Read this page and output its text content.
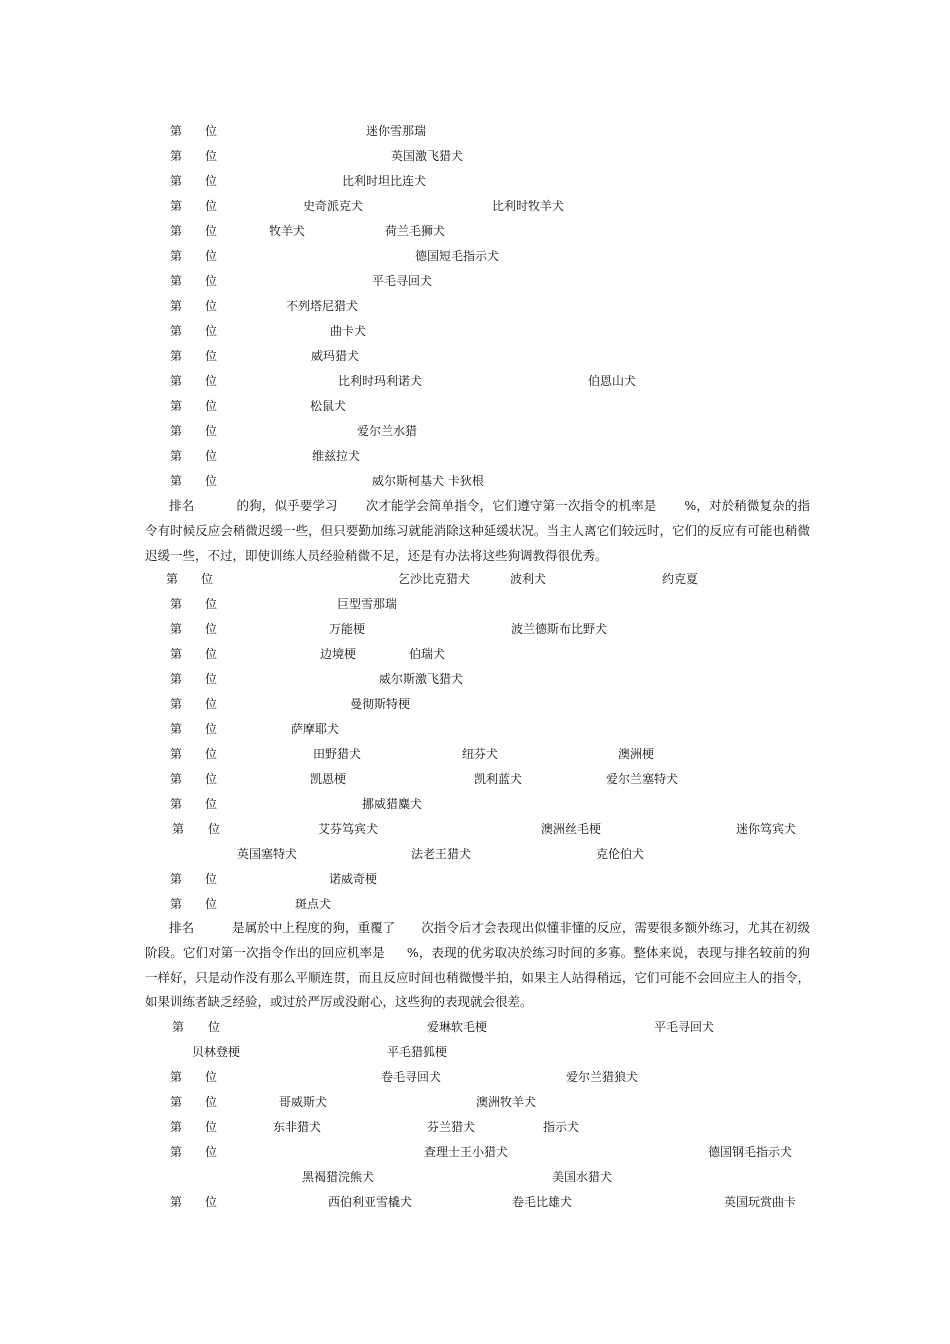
第 位	迷你雪那瑞
第 位	英国激飞猎犬
第 位	比利时坦比连犬
第 位	史奇派克犬	比利时牧羊犬
第 位	牧羊犬	荷兰毛狮犬
第 位	德国短毛指示犬
第 位	平毛寻回犬
第 位	不列塔尼猎犬
第 位	曲卡犬
第 位	威玛猎犬
第 位	比利时玛利诺犬	伯恩山犬
第 位	松鼠犬
第 位	爱尔兰水猎
第 位	维兹拉犬
第 位	威尔斯柯基犬 卡狄根

排名	的狗，似乎要学习 次才能学会简单指令，它们遵守第一次指令的机率是 %，对於稍微复杂的指令有时候反应会稍微迟缓一些，但只要勤加练习就能消除这种延缓状况。当主人离它们较远时，它们的反应有可能也稍微迟缓一些，不过，即使训练人员经验稍微不足，还是有办法将这些狗调教得很优秀。

第 位	乞沙比克猎犬	波利犬	约克夏
第 位	巨型雪那瑞
第 位	万能梗	波兰德斯布比野犬
第 位	边境梗	伯瑞犬
第 位	威尔斯激飞猎犬
第 位	曼彻斯特梗
第 位	萨摩耶犬
第 位	田野猎犬	纽芬犬	澳洲梗
第 位	凯恩梗	凯利蓝犬	爱尔兰塞特犬
第 位	挪威猎麋犬
第 位	艾芬笃宾犬	澳洲丝毛梗	迷你笃宾犬
英国塞特犬	法老王猎犬	克伦伯犬
第 位	诺威奇梗
第 位	斑点犬

排名	是属於中上程度的狗，重覆了 次指令后才会表现出似懂非懂的反应，需要很多额外练习，尤其在初级阶段。它们对第一次指令作出的回应机率是 %，表现的优劣取决於练习时间的多寡。整体来说，表现与排名较前的狗一样好，只是动作没有那么平顺连贯，而且反应时间也稍微慢半拍，如果主人站得稍远，它们可能不会回应主人的指令，如果训练者缺乏经验，或过於严厉或没耐心，这些狗的表现就会很差。

第 位	爱琳软毛梗	平毛寻回犬
贝林登梗	平毛猎狐梗
第 位	卷毛寻回犬	爱尔兰猎狼犬
第 位	哥威斯犬	澳洲牧羊犬
第 位	东非猎犬	芬兰猎犬	指示犬
第 位	查理士王小猎犬	德国钢毛指示犬
黑褐猎浣熊犬	美国水猎犬
第 位	西伯利亚雪橇犬	卷毛比雄犬	英国玩赏曲卡
